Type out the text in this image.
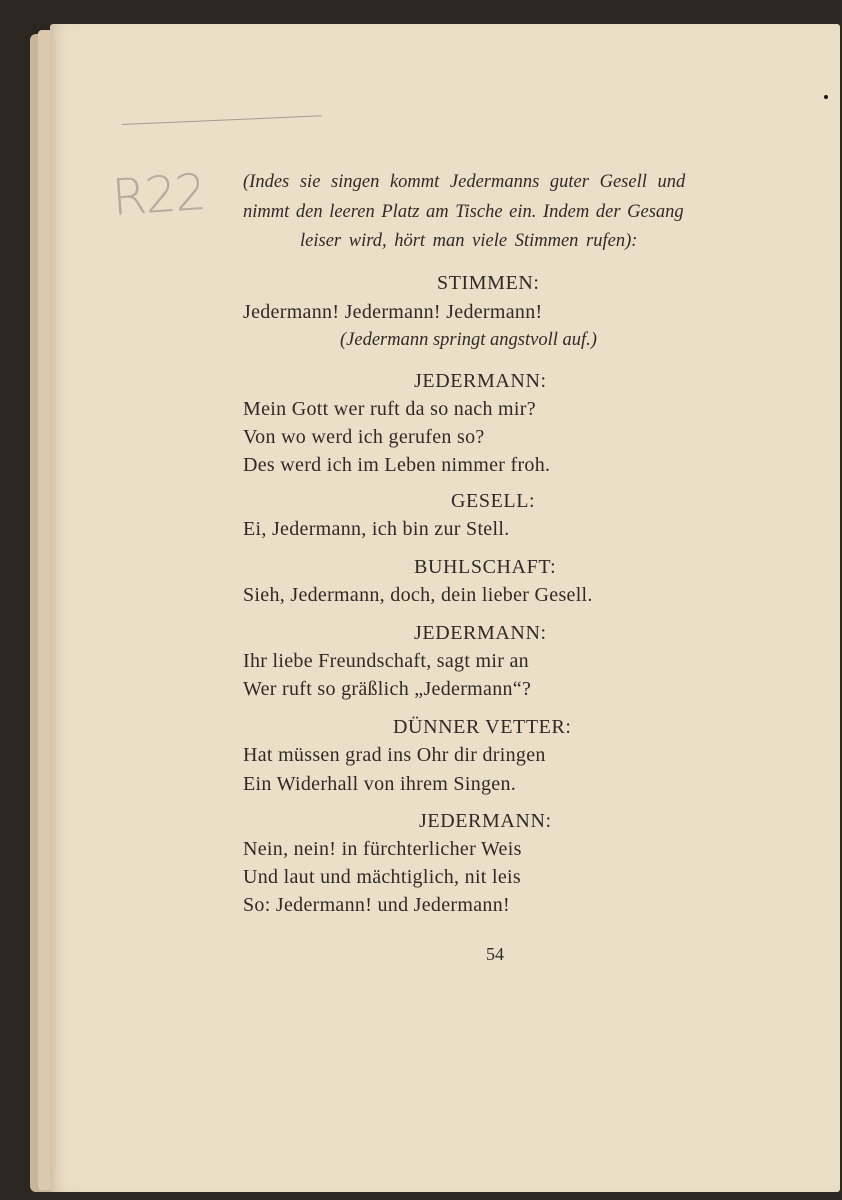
R22 (Indes sie singen kommt Jedermanns guter Gesell und
nimmt den leeren Platz am Tische ein. Indem der Gesang
leiser wird, hört man viele Stimmen rufen):
STIMMEN:
Jedermann! Jedermann! Jedermann!
(Jedermann springt angstvoll auf.)
JEDERMANN:
Mein Gott wer ruft da so nach mir?
Von wo werd ich gerufen so?
Des werd ich im Leben nimmer froh.
GESELL:
Ei, Jedermann, ich bin zur Stell.
BUHLSCHAFT:
Sieh, Jedermann, doch, dein lieber Gesell.
JEDERMANN:
Ihr liebe Freundschaft, sagt mir an
Wer ruft so gräßlich „Jedermann“?
DÜNNER VETTER:
Hat müssen grad ins Ohr dir dringen
Ein Widerhall von ihrem Singen.
JEDERMANN:
Nein, nein! in fürchterlicher Weis
Und laut und mächtiglich, nit leis
So: Jedermann! und Jedermann!
54
